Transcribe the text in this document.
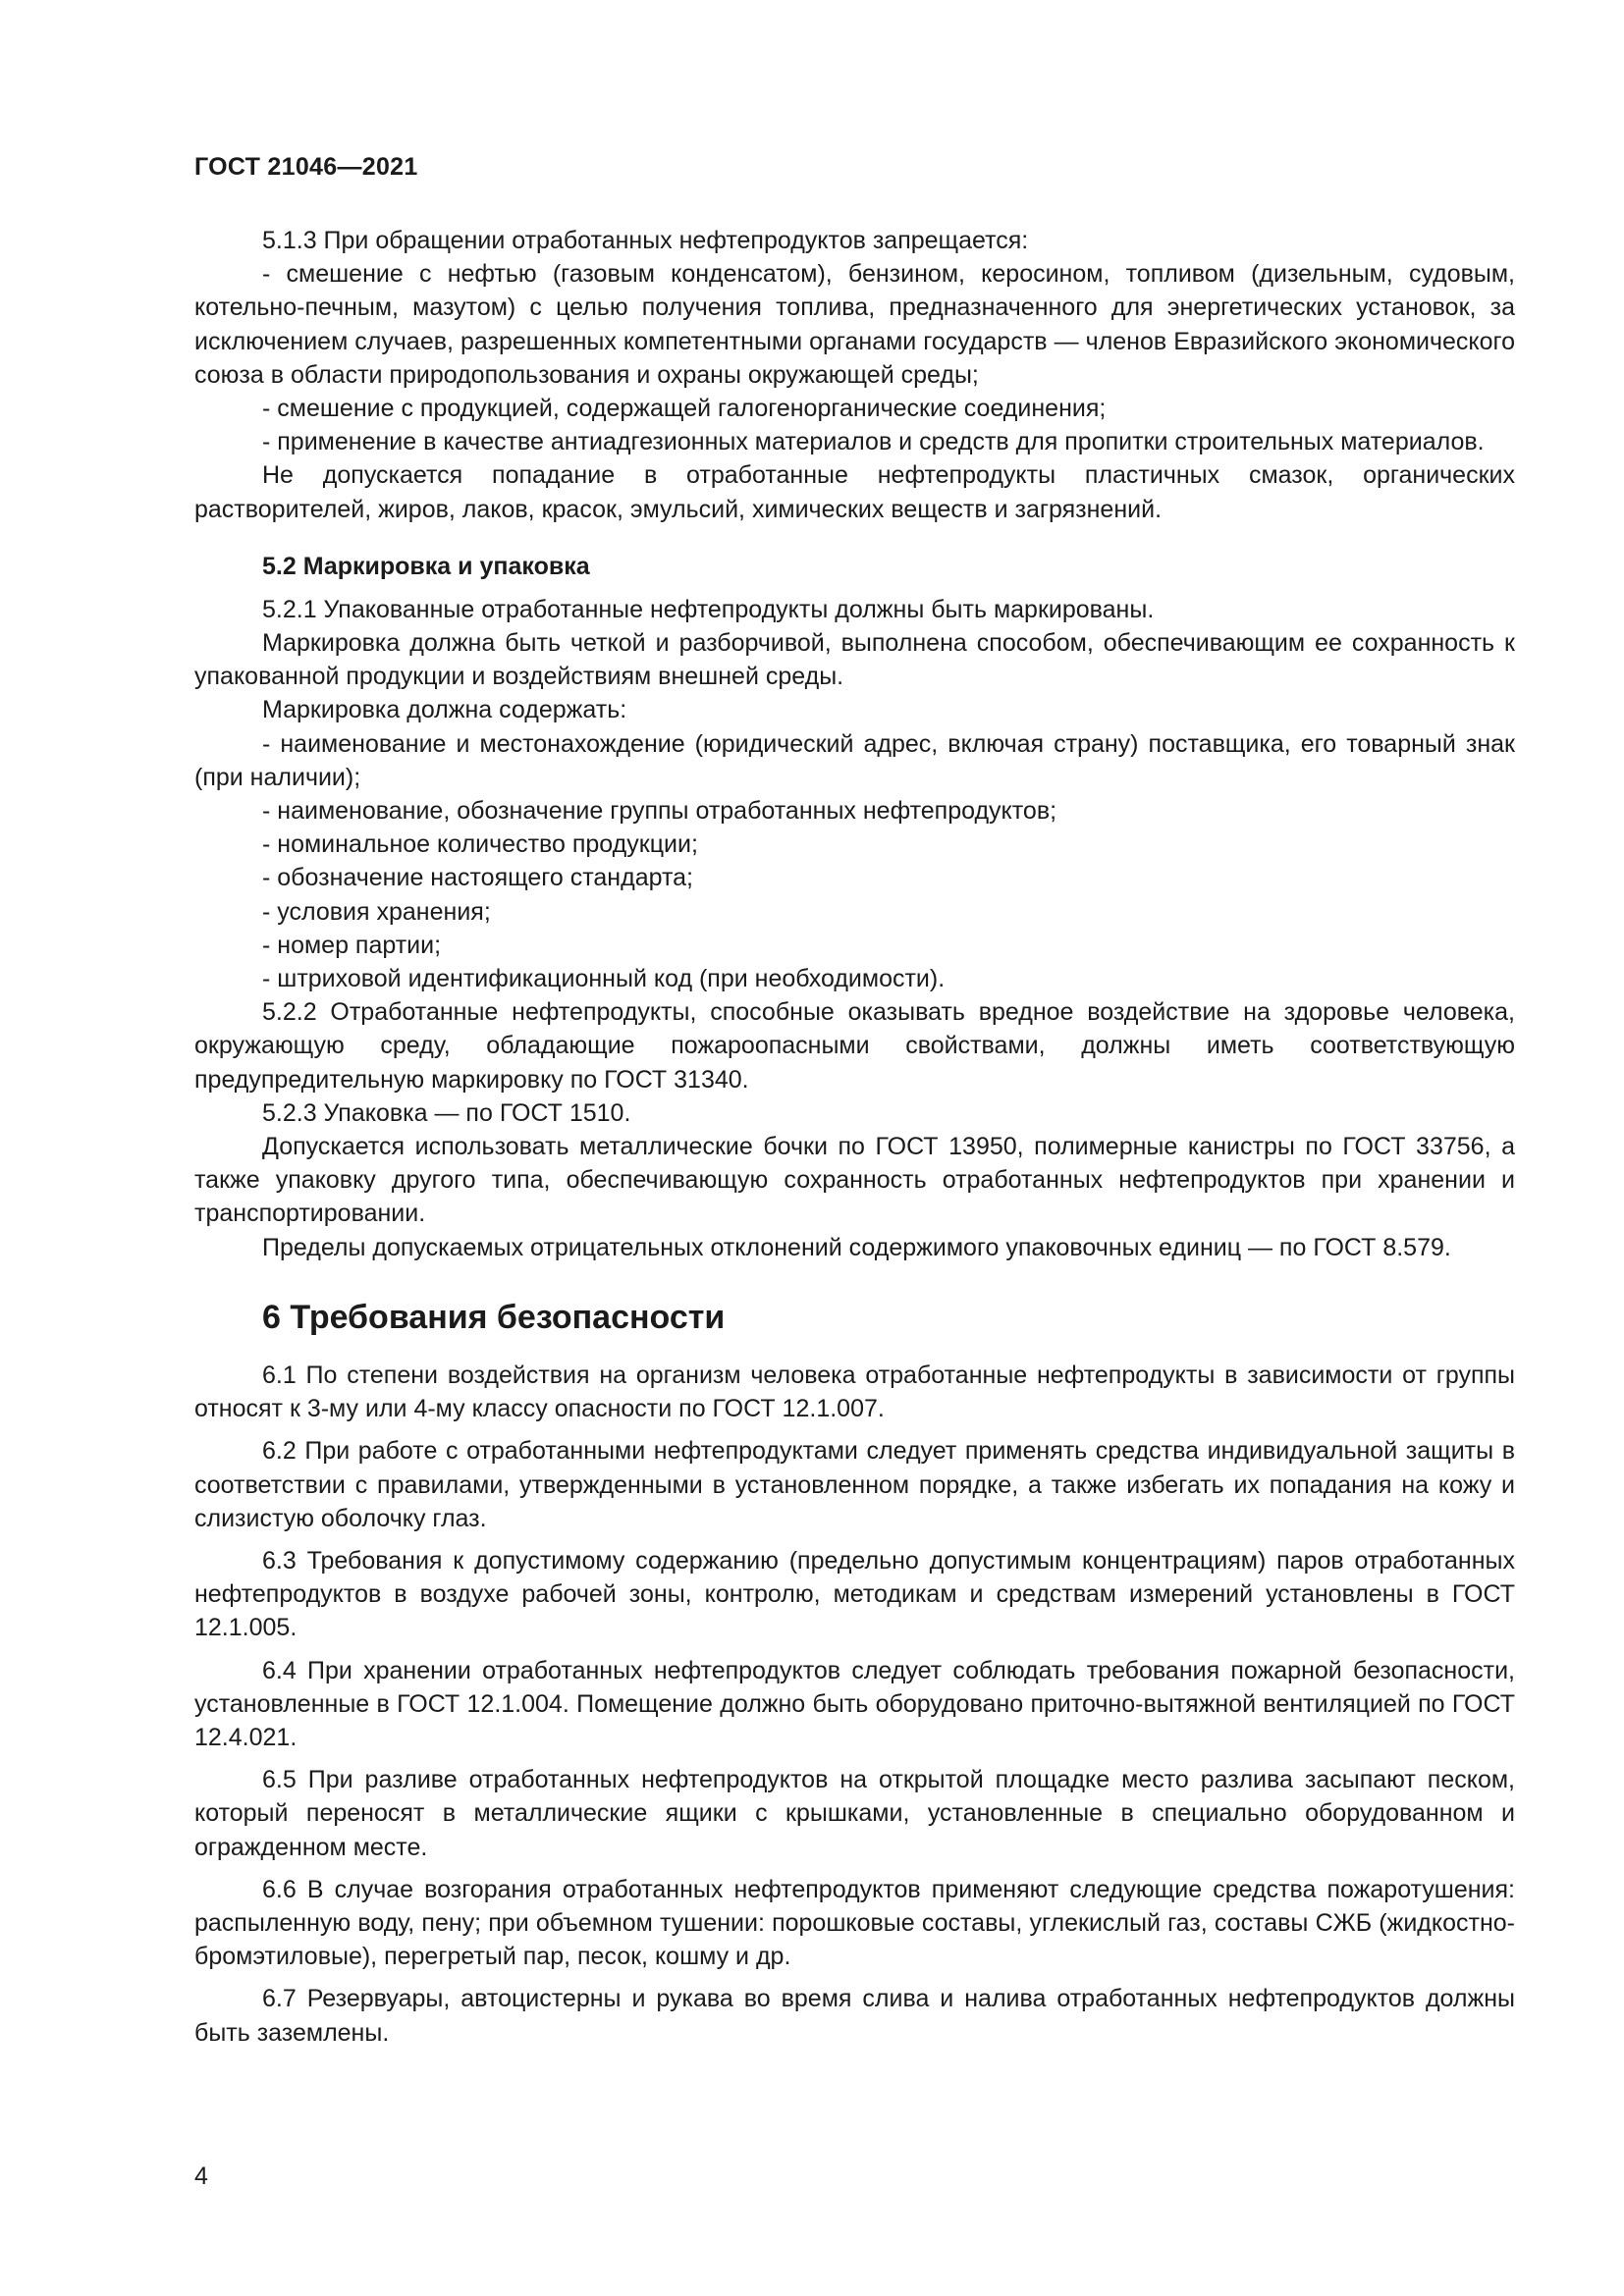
ГОСТ 21046—2021

5.1.3 При обращении отработанных нефтепродуктов запрещается:

- смешение с нефтью (газовым конденсатом), бензином, керосином, топливом (дизельным, судовым, котельно-печным, мазутом) с целью получения топлива, предназначенного для энергетических установок, за исключением случаев, разрешенных компетентными органами государств — членов Евразийского экономического союза в области природопользования и охраны окружающей среды;

- смешение с продукцией, содержащей галогенорганические соединения;

- применение в качестве антиадгезионных материалов и средств для пропитки строительных материалов.

Не допускается попадание в отработанные нефтепродукты пластичных смазок, органических растворителей, жиров, лаков, красок, эмульсий, химических веществ и загрязнений.

5.2 Маркировка и упаковка

5.2.1 Упакованные отработанные нефтепродукты должны быть маркированы.

Маркировка должна быть четкой и разборчивой, выполнена способом, обеспечивающим ее сохранность к упакованной продукции и воздействиям внешней среды.

Маркировка должна содержать:

- наименование и местонахождение (юридический адрес, включая страну) поставщика, его товарный знак (при наличии);

- наименование, обозначение группы отработанных нефтепродуктов;

- номинальное количество продукции;

- обозначение настоящего стандарта;

- условия хранения;

- номер партии;

- штриховой идентификационный код (при необходимости).

5.2.2 Отработанные нефтепродукты, способные оказывать вредное воздействие на здоровье человека, окружающую среду, обладающие пожароопасными свойствами, должны иметь соответствующую предупредительную маркировку по ГОСТ 31340.

5.2.3 Упаковка — по ГОСТ 1510.

Допускается использовать металлические бочки по ГОСТ 13950, полимерные канистры по ГОСТ 33756, а также упаковку другого типа, обеспечивающую сохранность отработанных нефтепродуктов при хранении и транспортировании.

Пределы допускаемых отрицательных отклонений содержимого упаковочных единиц — по ГОСТ 8.579.

6 Требования безопасности

6.1 По степени воздействия на организм человека отработанные нефтепродукты в зависимости от группы относят к 3-му или 4-му классу опасности по ГОСТ 12.1.007.

6.2 При работе с отработанными нефтепродуктами следует применять средства индивидуальной защиты в соответствии с правилами, утвержденными в установленном порядке, а также избегать их попадания на кожу и слизистую оболочку глаз.

6.3 Требования к допустимому содержанию (предельно допустимым концентрациям) паров отработанных нефтепродуктов в воздухе рабочей зоны, контролю, методикам и средствам измерений установлены в ГОСТ 12.1.005.

6.4 При хранении отработанных нефтепродуктов следует соблюдать требования пожарной безопасности, установленные в ГОСТ 12.1.004. Помещение должно быть оборудовано приточно-вытяжной вентиляцией по ГОСТ 12.4.021.

6.5 При разливе отработанных нефтепродуктов на открытой площадке место разлива засыпают песком, который переносят в металлические ящики с крышками, установленные в специально оборудованном и огражденном месте.

6.6 В случае возгорания отработанных нефтепродуктов применяют следующие средства пожаротушения: распыленную воду, пену; при объемном тушении: порошковые составы, углекислый газ, составы СЖБ (жидкостно-бромэтиловые), перегретый пар, песок, кошму и др.

6.7 Резервуары, автоцистерны и рукава во время слива и налива отработанных нефтепродуктов должны быть заземлены.

4
